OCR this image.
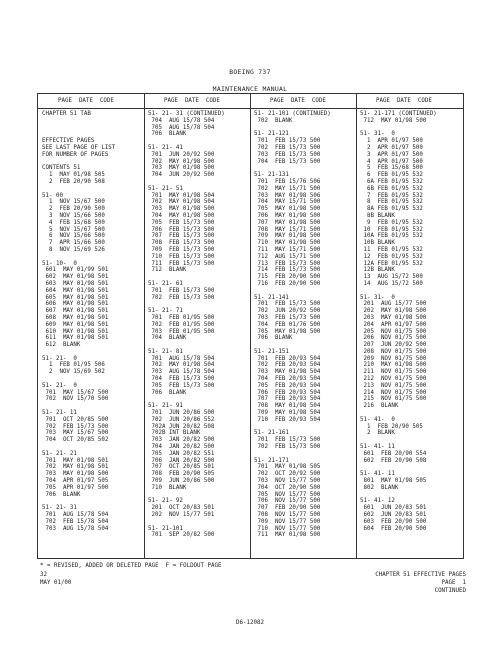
BOEING 737
MAINTENANCE MANUAL
PAGE  DATE  CODE	PAGE  DATE  CODE	PAGE  DATE  CODE	PAGE  DATE  CODE
CHAPTER 51 TAB
EFFECTIVE PAGES
SEE LAST PAGE OF LIST
FOR NUMBER OF PAGES
CONTENTS 51
1  MAY 01/98 505
2  FEB 20/90 508
51- 00
1  NOV 15/67 500
2  FEB 20/90 500
3  NOV 15/66 500
4  FEB 15/68 500
5  NOV 15/67 500
6  NOV 15/66 500
7  APR 15/66 500
8  NOV 15/69 526
51- 10-  0
601  MAY 01/99 501
602  MAY 01/98 501
603  MAY 01/98 501
604  MAY 01/98 501
605  MAY 01/98 501
606  MAY 01/98 501
607  MAY 01/98 501
608  MAY 01/98 501
609  MAY 01/98 501
610  MAY 01/98 501
611  MAY 01/98 501
612  BLANK
51- 21-  0
1  FEB 01/95 506
2  NOV 15/69 502
51- 21-  0
701  MAY 15/67 500
702  NOV 15/70 500
51- 21- 11
701  OCT 20/85 500
702  FEB 15/73 500
703  MAY 15/67 500
704  OCT 20/85 502
51- 21- 21
701  MAY 01/98 501
702  MAY 01/98 501
703  MAY 01/98 500
704  APR 01/97 505
705  APR 01/97 500
706  BLANK
51- 21- 31
701  AUG 15/78 504
702  FEB 15/78 504
703  AUG 15/78 504
51- 21- 31 (CONTINUED)
704  AUG 15/78 504
705  AUG 15/78 504
706  BLANK
51- 21- 41
701  JUN 20/92 500
702  MAY 01/98 500
703  MAY 01/98 500
704  JUN 20/92 500
51- 21- 51
701  MAY 01/98 504
702  MAY 01/98 504
703  MAY 01/98 500
704  MAY 01/98 500
705  FEB 15/73 500
706  FEB 15/73 500
707  FEB 15/73 500
708  FEB 15/73 500
709  FEB 15/73 500
710  FEB 15/73 500
711  FEB 15/73 500
712  BLANK
51- 21- 61
701  FEB 15/73 500
702  FEB 15/73 500
51- 21- 71
701  FEB 01/95 500
702  FEB 01/95 500
703  FEB 01/95 500
704  BLANK
51- 21- 81
701  AUG 15/78 504
702  MAY 01/98 504
703  AUG 15/78 504
704  FEB 15/73 500
705  FEB 15/73 500
706  BLANK
51- 21- 91
701  JUN 20/86 500
702  JUN 20/86 552
702A JUN 20/82 508
702B INT BLANK
703  JAN 20/82 500
704  JAN 20/82 500
705  JAN 20/82 551
706  JAN 20/82 500
707  OCT 20/85 501
708  FEB 20/90 505
709  JUN 20/86 500
710  BLANK
51- 21- 92
201  OCT 20/83 501
202  NOV 15/77 501
51- 21-101
701  SEP 20/82 500
51- 21-101 (CONTINUED)
702  BLANK
51- 21-121
701  FEB 15/73 500
702  FEB 15/73 500
703  FEB 15/73 500
704  FEB 15/73 500
51- 21-131
701  FEB 15/76 506
702  MAY 15/71 500
703  MAY 01/98 506
704  MAY 15/71 500
705  MAY 01/98 500
706  MAY 01/98 500
707  MAY 01/98 500
708  MAY 15/71 500
709  MAY 01/98 500
710  MAY 01/98 500
711  MAY 15/71 500
712  AUG 15/71 500
713  FEB 15/73 500
714  FEB 15/73 500
715  FEB 20/90 500
716  FEB 20/90 500
51- 21-141
701  FEB 15/73 500
702  JUN 20/92 500
703  FEB 15/73 500
704  FEB 01/76 500
705  MAY 01/98 500
706  BLANK
51- 21-151
701  FEB 20/93 504
702  FEB 20/93 504
703  MAY 01/98 504
704  FEB 20/93 504
705  FEB 20/93 504
706  FEB 20/93 504
707  FEB 20/93 504
708  MAY 01/98 504
709  MAY 01/98 504
710  FEB 20/93 504
51- 21-161
701  FEB 15/73 500
702  FEB 15/73 500
51- 21-171
701  MAY 01/98 505
702  OCT 20/92 500
703  NOV 15/77 500
704  OCT 20/90 500
705  NOV 15/77 500
706  NOV 15/77 500
707  FEB 20/90 500
708  NOV 15/77 500
709  NOV 15/77 500
710  NOV 15/77 500
711  MAY 01/98 500
51- 21-171 (CONTINUED)
712  MAY 01/98 500
51- 31-  0
1  APR 01/97 500
2  APR 01/97 500
3  APR 01/97 500
4  APR 01/97 500
5  FEB 15/68 500
6  FEB 01/95 532
6A FEB 01/95 532
6B FEB 01/95 532
7  FEB 01/95 532
8  FEB 01/95 532
8A FEB 01/95 532
8B BLANK
9  FEB 01/95 532
10  FEB 01/95 532
10A FEB 01/95 532
10B BLANK
11  FEB 01/95 532
12  FEB 01/95 532
12A FEB 01/95 532
12B BLANK
13  AUG 15/72 500
14  AUG 15/72 500
51- 31-  0
201  AUG 15/77 500
202  MAY 01/98 500
203  MAY 01/98 500
204  APR 01/97 500
205  NOV 01/75 500
206  NOV 01/75 500
207  JUN 20/92 500
208  NOV 01/75 500
209  NOV 01/75 500
210  MAY 01/98 500
211  NOV 01/75 500
212  NOV 01/75 500
213  NOV 01/75 500
214  NOV 01/75 500
215  NOV 01/75 500
216  BLANK
51- 41-  0
1  FEB 20/90 505
2  BLANK
51- 41- 11
601  FEB 20/90 554
602  FEB 20/90 508
51- 41- 11
801  MAY 01/98 505
802  BLANK
51- 41- 12
601  JUN 20/83 501
602  JUN 20/83 501
603  FEB 20/90 500
604  FEB 20/90 500
* = REVISED, ADDED OR DELETED PAGE  F = FOLDOUT PAGE
32
MAY 01/00
CHAPTER 51 EFFECTIVE PAGES
PAGE  1
CONTINUED
D6-12082
